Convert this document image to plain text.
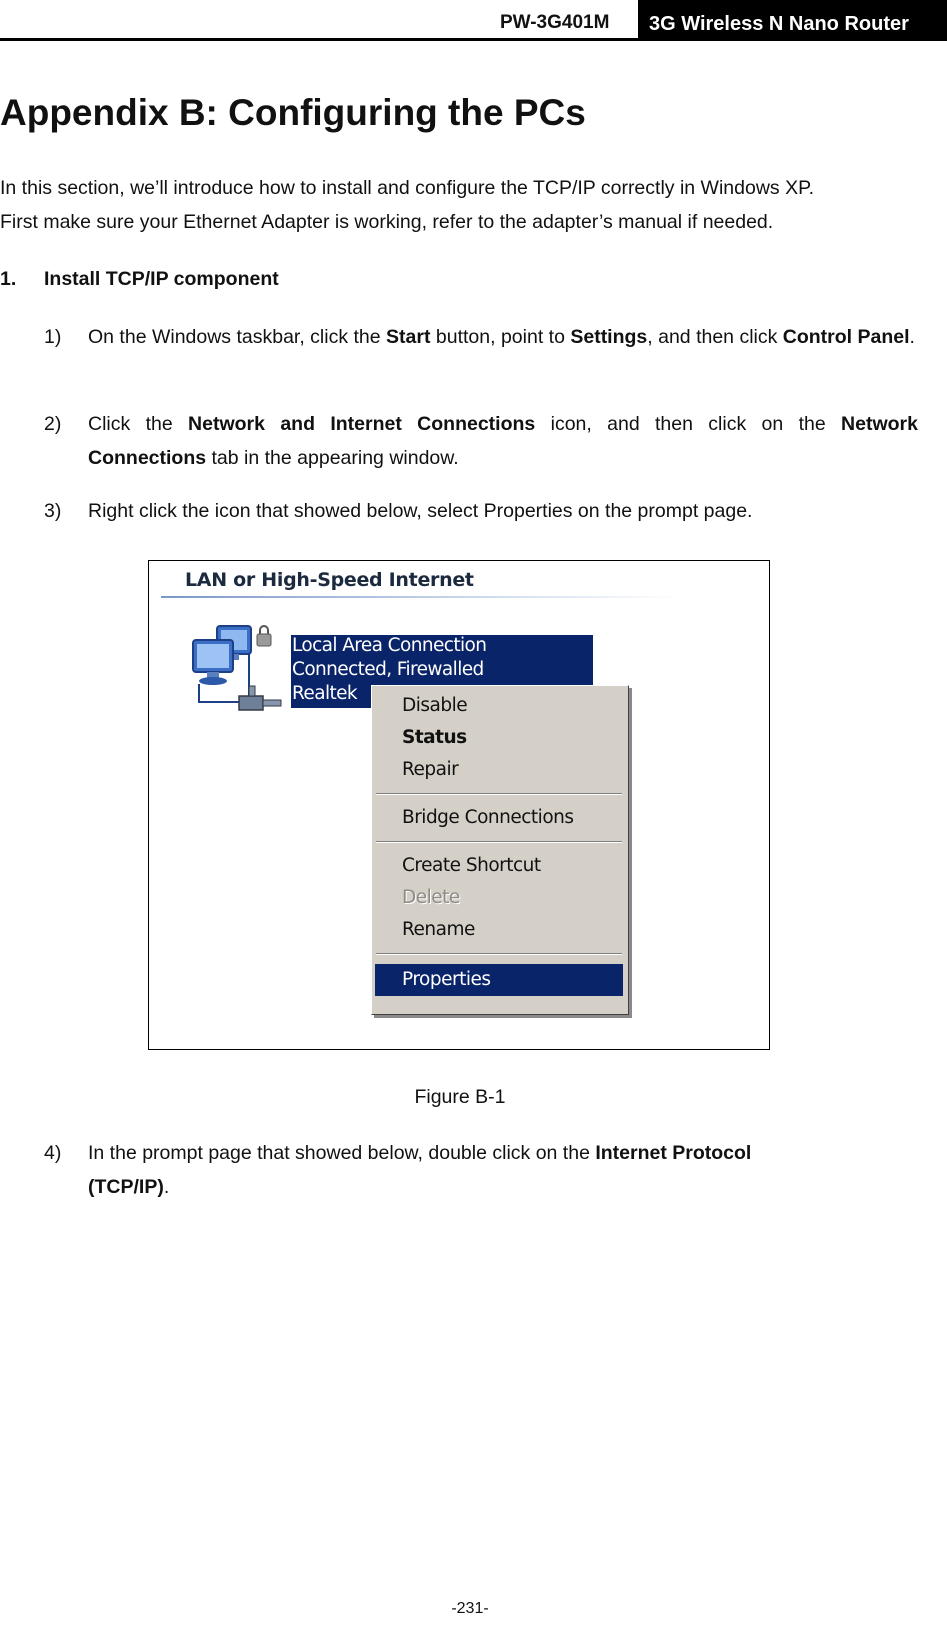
PW-3G401M	3G Wireless N Nano Router
Appendix B: Configuring the PCs
In this section, we’ll introduce how to install and configure the TCP/IP correctly in Windows XP.
First make sure your Ethernet Adapter is working, refer to the adapter’s manual if needed.
1. Install TCP/IP component
1) On the Windows taskbar, click the Start button, point to Settings, and then click Control Panel.
2) Click the Network and Internet Connections icon, and then click on the Network Connections tab in the appearing window.
3) Right click the icon that showed below, select Properties on the prompt page.
LAN or High-Speed Internet
Local Area Connection
Connected, Firewalled
Realtek
Disable
Status
Repair
Bridge Connections
Create Shortcut
Delete
Rename
Properties
Figure B-1
4) In the prompt page that showed below, double click on the Internet Protocol (TCP/IP).
-231-
